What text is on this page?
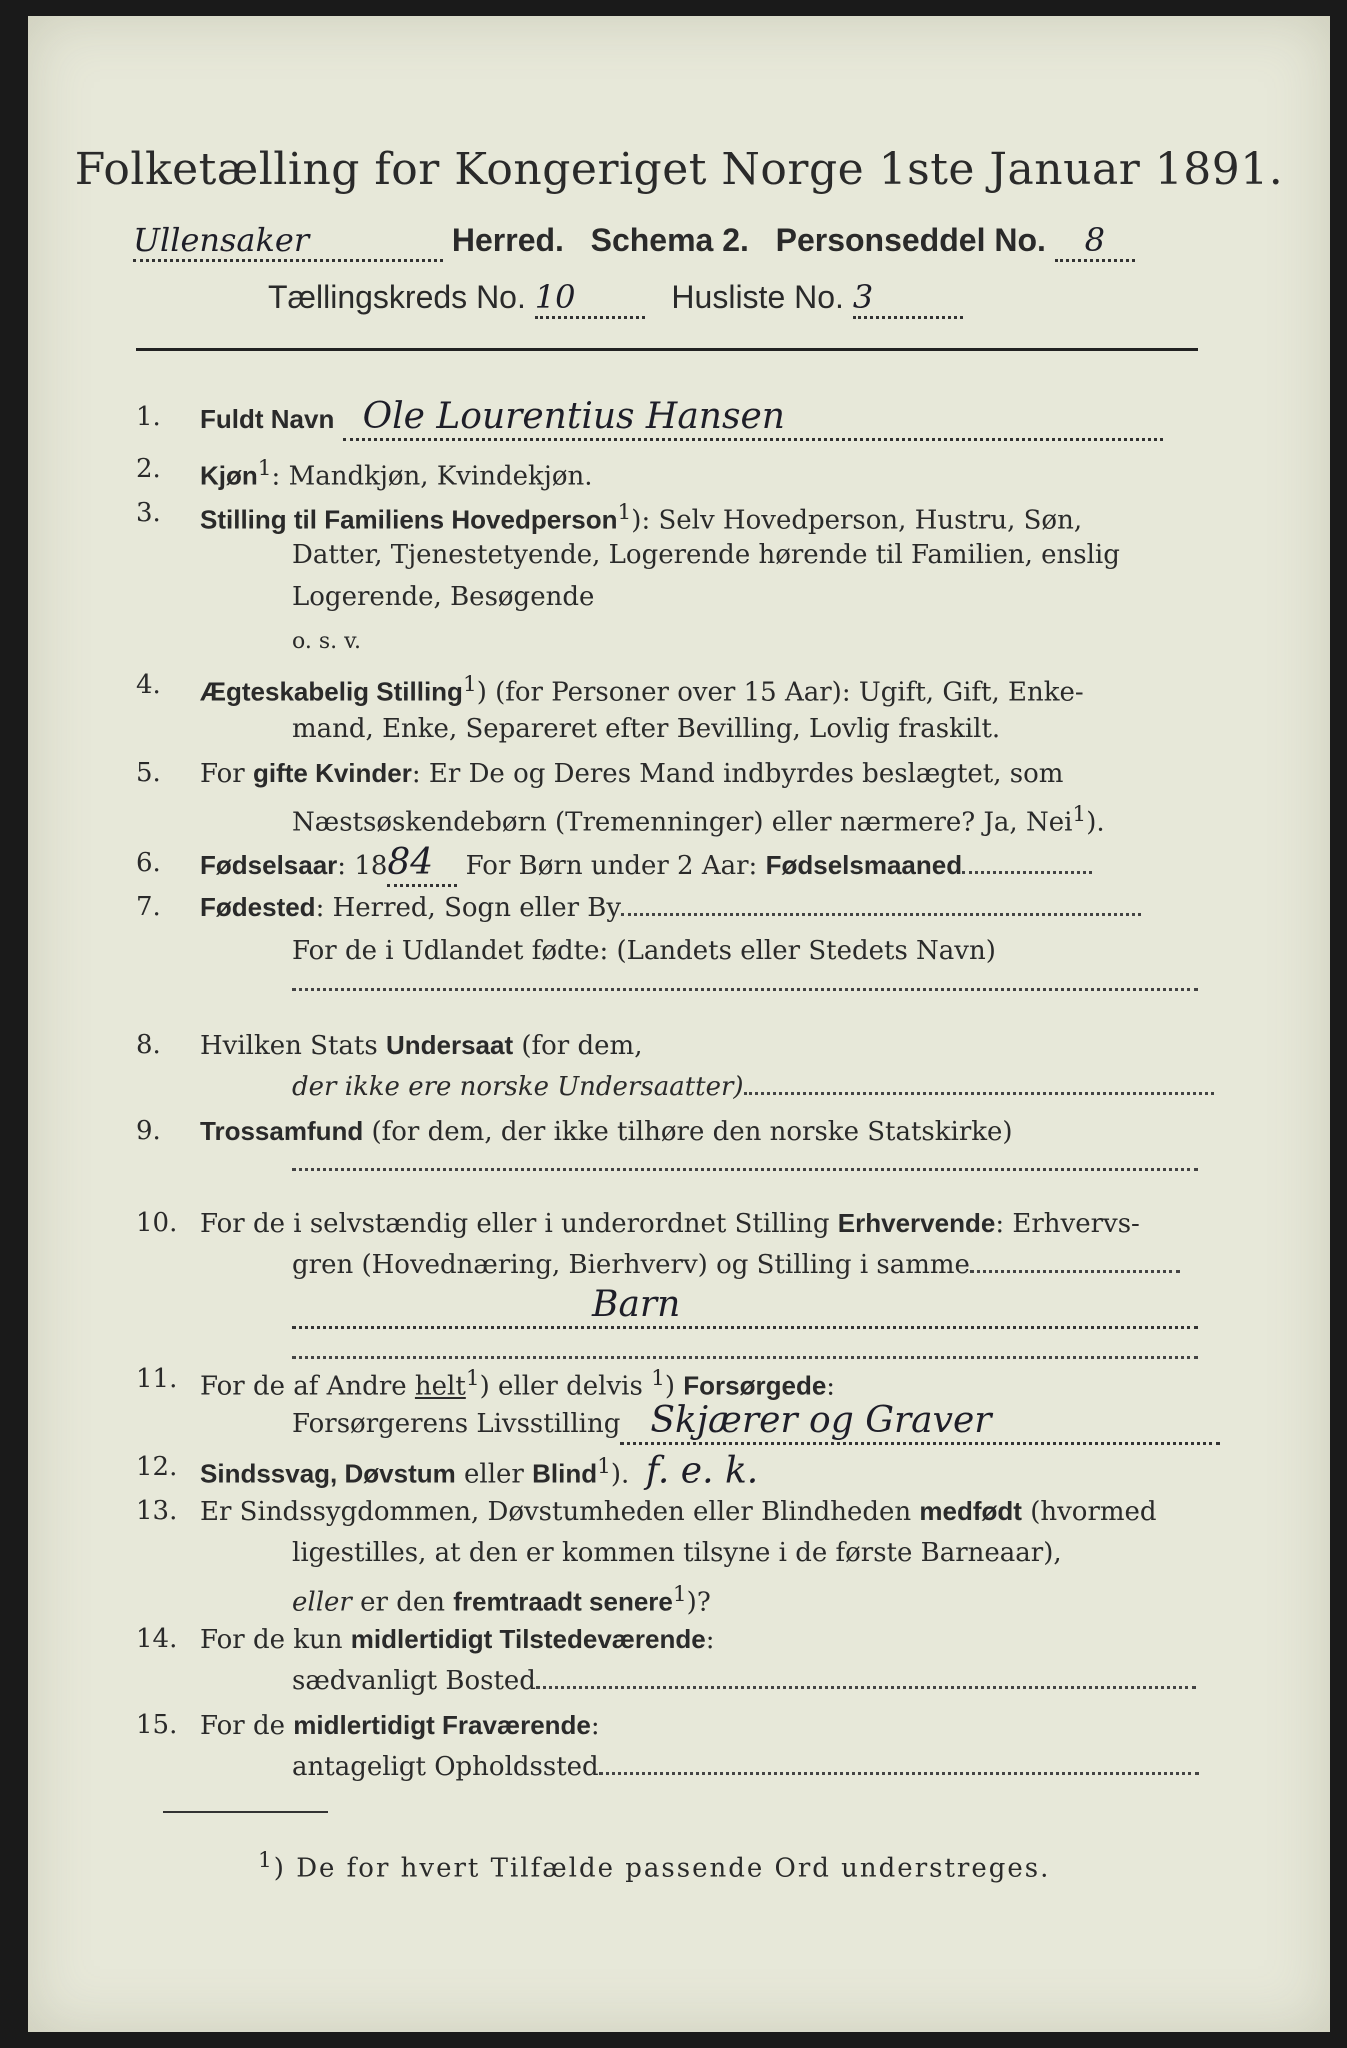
Folketælling for Kongeriget Norge 1ste Januar 1891.
Ullensaker	Herred. Schema 2. Personseddel No. 8
Tællingskreds No. 10	Husliste No. 3
1.	Fuldt Navn Ole Lourentius Hansen
2.	Kjøn$^1$: Mandkjøn, Kvindekjøn.
3.	Stilling til Familiens Hovedperson$^1$): Selv Hovedperson, Hustru, Søn,
Datter, Tjenestetyende, Logerende hørende til Familien, enslig
Logerende, Besøgende
o. s. v.
4.	Ægteskabelig Stilling$^1$) (for Personer over 15 Aar): Ugift, Gift, Enke-
mand, Enke, Separeret efter Bevilling, Lovlig fraskilt.
5.	For gifte Kvinder: Er De og Deres Mand indbyrdes beslægtet, som
Næstsøskendebørn (Tremenninger) eller nærmere? Ja, Nei$^1$).
6.	Fødselsaar: 1884 For Børn under 2 Aar: Fødselsmaaned
7.	Fødested: Herred, Sogn eller By
For de i Udlandet fødte: (Landets eller Stedets Navn)
8.	Hvilken Stats Undersaat (for dem,
der ikke ere norske Undersaatter)
9.	Trossamfund (for dem, der ikke tilhøre den norske Statskirke)
10. For de i selvstændig eller i underordnet Stilling Erhvervende: Erhvervs-
gren (Hovednæring, Bierhverv) og Stilling i samme
Barn
11. For de af Andre helt$^1$) eller delvis $^1$) Forsørgede:
Forsørgerens Livsstilling Skjærer og Graver
12. Sindssvag, Døvstum eller Blind$^1$). f. e. k.
13. Er Sindssygdommen, Døvstumheden eller Blindheden medfødt (hvormed
ligestilles, at den er kommen tilsyne i de første Barneaar),
eller er den fremtraadt senere$^1$)?
14. For de kun midlertidigt Tilstedeværende:
sædvanligt Bosted
15. For de midlertidigt Fraværende:
antageligt Opholdssted
$^1$) De for hvert Tilfælde passende Ord understreges.
